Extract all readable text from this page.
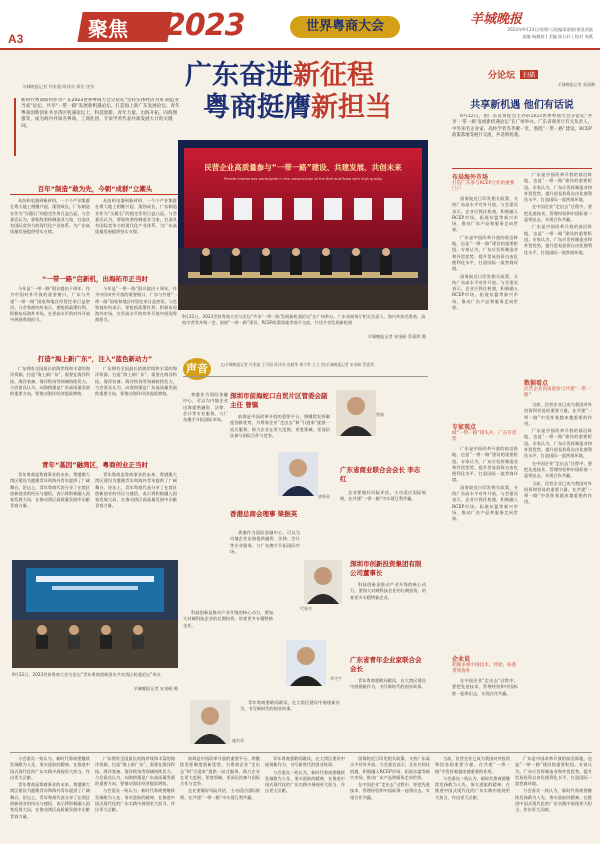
A3	聚焦 2023	世界粤商大会	羊城晚报
2023年9月23日/星期六/责编梁嘉敏/视觉武航
责编 杨德源 | 美编 陈日轩 | 校对 周燕
广东奋进新征程
粤商挺膺新担当
羊城晚报记者 许张超 陈泽宾 柯宏 沈钊
新时代粤商如何作为？在2023世界粤商大会分论坛“坚持实体经济为本 制造业当家”论坛、共享“一带一路”发展新机遇论坛、打造海上新广东发展论坛、青年粤商创新创业共享湾区机遇论坛上，科技创新、青年力量、出海开拓、向海图强等，成为海内外知名粤商、工商社团、专家学者代表共商发展大计的关键词。
百年“制造”敢为先，今朝“成群”立潮头

从纺织电器到新材料，一个个产业集群在粤大地上相继兴起、蓬勃成长，广东制造业作为“压舱石”的稳定作用日益凸显。与会嘉宾认为，要始终坚持制造业当家，打造具有国际竞争力的现代化产业体系，为广东高质量发展提供坚实支撑。

从纺织电器到新材料，一个个产业集群在粤大地上相继兴起、蓬勃成长，广东制造业作为“压舱石”的稳定作用日益凸显。与会嘉宾认为，要始终坚持制造业当家，打造具有国际竞争力的现代化产业体系，为广东高质量发展提供坚实支撑。

“一带一路”启新机，出海拓市正当时

今年是“一带一路”倡议提出十周年。作为中国对外开放的重要窗口，广东与共建“一带一路”国家和地区经贸往来日益密切。与会粤商纷纷表示，要抢抓政策红利，积极布局海外市场，在更高水平的对外开放中展现粤商担当。

今年是“一带一路”倡议提出十周年。作为中国对外开放的重要窗口，广东与共建“一带一路”国家和地区经贸往来日益密切。与会粤商纷纷表示，要抢抓政策红利，积极布局海外市场，在更高水平的对外开放中展现粤商担当。

打造“海上新广东”，注入“蓝色新动力”

广东拥有全国最长的海岸线和丰富的海洋资源。打造“海上新广东”，需要在海洋科技、海洋装备、海洋牧场等领域持续发力。与会嘉宾认为，向海图强是广东高质量发展的重要方向，要推动海洋经济提质增效。

广东拥有全国最长的海岸线和丰富的海洋资源。打造“海上新广东”，需要在海洋科技、海洋装备、海洋牧场等领域持续发力。与会嘉宾认为，向海图强是广东高质量发展的重要方向，要推动海洋经济提质增效。

青年“基因”融湾区，粤商创业正当时

青年粤商是粤商事业的未来。粤港澳大湾区建设为港澳青年和海外青年提供了广阔舞台。论坛上，青年粤商代表分享了在湾区创新创业的经历与感悟，表示将积极融入国家发展大局，在推动湾区高质量发展中贡献青春力量。

青年粤商是粤商事业的未来。粤港澳大湾区建设为港澳青年和海外青年提供了广阔舞台。论坛上，青年粤商代表分享了在湾区创新创业的经历与感悟，表示将积极融入国家发展大局，在推动湾区高质量发展中贡献青春力量。

9月22日，2023世界粤商大会分论坛“青年粤商创新创业共享湾区机遇论坛”举办
羊城晚报记者 宋金峪 摄
民营企业高质量参与“一带一路”建设、共建发展、共创未来
Private enterprises participate in the construction of the Belt and Road with high quality
9月22日，2023世界粤商大会分论坛“共享‘一带一路’发展新机遇论坛”在广州举办。广东省商务厅相关负责人、海内外知名粤商、高校学者等齐聚一堂，围绕“一带一路”建设、RCEP政策落地等展开交流，共话共享发展新机遇
羊城晚报记者 宋金峪 蔡嘉鸿 摄
声音	文/羊城晚报记者 许张超 王丹阳 陈泽宾 连晓华 郑少荣 王立 图/羊城晚报记者 宋金峪 蔡嘉鸿
深圳市前海蛇口自贸片区管委会副主任 曾镇

前海是中国改革开放的重要平台，将继续发挥制度创新优势，为粤商企业“走出去”和“引进来”提供一站式服务，助力企业在更大范围、更宽领域、更深层次参与国际合作与竞争。

曾镇

香港作为国际金融中心，可以为内地企业出海提供融资、法律、会计等专业服务，与广东携手开拓国际市场。

唐秉章
广东省商业联合会会长 李志红

企业要做好风险评估，主动适应国际规则，在共建“一带一路”中实现互利共赢。

香港总商会理事 梁振英

香港作为国际金融中心，可以为内地企业出海提供融资、法律、会计等专业服务，与广东携手开拓国际市场。

代春杰
深圳市创新投资集团有限公司董事长

科技创新是推动产业升级的核心动力，要加大对硬科技企业的长期投资，培育更多专精特新企业。

科技创新是推动产业升级的核心动力，要加大对硬科技企业的长期投资，培育更多专精特新企业。

李守宇
广东省青年企业家联合会会长

青年粤商要敢闯敢试，在大湾区建设中展现新作为，书写新时代的创业故事。

施若英

青年粤商要敢闯敢试，在大湾区建设中展现新作为，书写新时代的创业故事。

分论坛	扫描
羊城晚报记者 莫丽琳
共享新机遇 他们有话说

9月22日，由广东省贸促会主办的2023世界粤商大会分论坛“共享‘一带一路’发展新机遇论坛”在广州举办。广东省商务厅有关负责人，中外知名企业家、高校学者等齐聚一堂，围绕“一带一路”建设、RCEP政策落地等展开交流，共话新机遇。

布局海外市场
打造广东参与RCEP合作的重要门户

国务院近日印发相关政策，支持广东高水平对外开放。与会嘉宾表示，企业应抓住机遇，积极融入RCEP市场，拓展东盟等新兴市场，推动广东产品和服务走向世界。

广东是中国改革开放的前沿阵地，也是“一带一路”建设的重要枢纽。专家认为，广东应发挥制造业和外贸优势，提升贸易投资自由化便利化水平，打造国际一流营商环境。

国务院近日印发相关政策，支持广东高水平对外开放。与会嘉宾表示，企业应抓住机遇，积极融入RCEP市场，拓展东盟等新兴市场，推动广东产品和服务走向世界。

广东是中国改革开放的前沿阵地，也是“一带一路”建设的重要枢纽。专家认为，广东应发挥制造业和外贸优势，提升贸易投资自由化便利化水平，打造国际一流营商环境。

在中国企业“走出去”过程中，要把先进技术、管理经验和中国标准一起带出去，实现合作共赢。

广东是中国改革开放的前沿阵地，也是“一带一路”建设的重要枢纽。专家认为，广东应发挥制造业和外贸优势，提升贸易投资自由化便利化水平，打造国际一流营商环境。

专家观点
做“一带一路”排头兵，广东有优势

广东是中国改革开放的前沿阵地，也是“一带一路”建设的重要枢纽。专家认为，广东应发挥制造业和外贸优势，提升贸易投资自由化便利化水平，打造国际一流营商环境。

国务院近日印发相关政策，支持广东高水平对外开放。与会嘉宾表示，企业应抓住机遇，积极融入RCEP市场，拓展东盟等新兴市场，推动广东产品和服务走向世界。

数据看点
民营企业高质量参与共建“一带一路”

当前，民营企业已成为我国对外投资和贸易的重要力量，在共建“一带一路”中发挥着越来越重要的作用。

广东是中国改革开放的前沿阵地，也是“一带一路”建设的重要枢纽。专家认为，广东应发挥制造业和外贸优势，提升贸易投资自由化便利化水平，打造国际一流营商环境。

在中国企业“走出去”过程中，要把先进技术、管理经验和中国标准一起带出去，实现合作共赢。

当前，民营企业已成为我国对外投资和贸易的重要力量，在共建“一带一路”中发挥着越来越重要的作用。

企业说
把握多重中国技术、经验、标准带到海外

在中国企业“走出去”过程中，要把先进技术、管理经验和中国标准一起带出去，实现合作共赢。

与会嘉宾一致认为，新时代粤商要继续发扬敢为人先、务实进取的精神，在推进中国式现代化的广东实践中展现更大担当、作出更大贡献。

青年粤商是粤商事业的未来。粤港澳大湾区建设为港澳青年和海外青年提供了广阔舞台。论坛上，青年粤商代表分享了在湾区创新创业的经历与感悟，表示将积极融入国家发展大局，在推动湾区高质量发展中贡献青春力量。

广东拥有全国最长的海岸线和丰富的海洋资源。打造“海上新广东”，需要在海洋科技、海洋装备、海洋牧场等领域持续发力。与会嘉宾认为，向海图强是广东高质量发展的重要方向，要推动海洋经济提质增效。

与会嘉宾一致认为，新时代粤商要继续发扬敢为人先、务实进取的精神，在推进中国式现代化的广东实践中展现更大担当、作出更大贡献。

前海是中国改革开放的重要平台，将继续发挥制度创新优势，为粤商企业“走出去”和“引进来”提供一站式服务，助力企业在更大范围、更宽领域、更深层次参与国际合作与竞争。

企业要做好风险评估，主动适应国际规则，在共建“一带一路”中实现互利共赢。

青年粤商要敢闯敢试，在大湾区建设中展现新作为，书写新时代的创业故事。

与会嘉宾一致认为，新时代粤商要继续发扬敢为人先、务实进取的精神，在推进中国式现代化的广东实践中展现更大担当、作出更大贡献。

国务院近日印发相关政策，支持广东高水平对外开放。与会嘉宾表示，企业应抓住机遇，积极融入RCEP市场，拓展东盟等新兴市场，推动广东产品和服务走向世界。

在中国企业“走出去”过程中，要把先进技术、管理经验和中国标准一起带出去，实现合作共赢。

当前，民营企业已成为我国对外投资和贸易的重要力量，在共建“一带一路”中发挥着越来越重要的作用。

与会嘉宾一致认为，新时代粤商要继续发扬敢为人先、务实进取的精神，在推进中国式现代化的广东实践中展现更大担当、作出更大贡献。

广东是中国改革开放的前沿阵地，也是“一带一路”建设的重要枢纽。专家认为，广东应发挥制造业和外贸优势，提升贸易投资自由化便利化水平，打造国际一流营商环境。

与会嘉宾一致认为，新时代粤商要继续发扬敢为人先、务实进取的精神，在推进中国式现代化的广东实践中展现更大担当、作出更大贡献。
